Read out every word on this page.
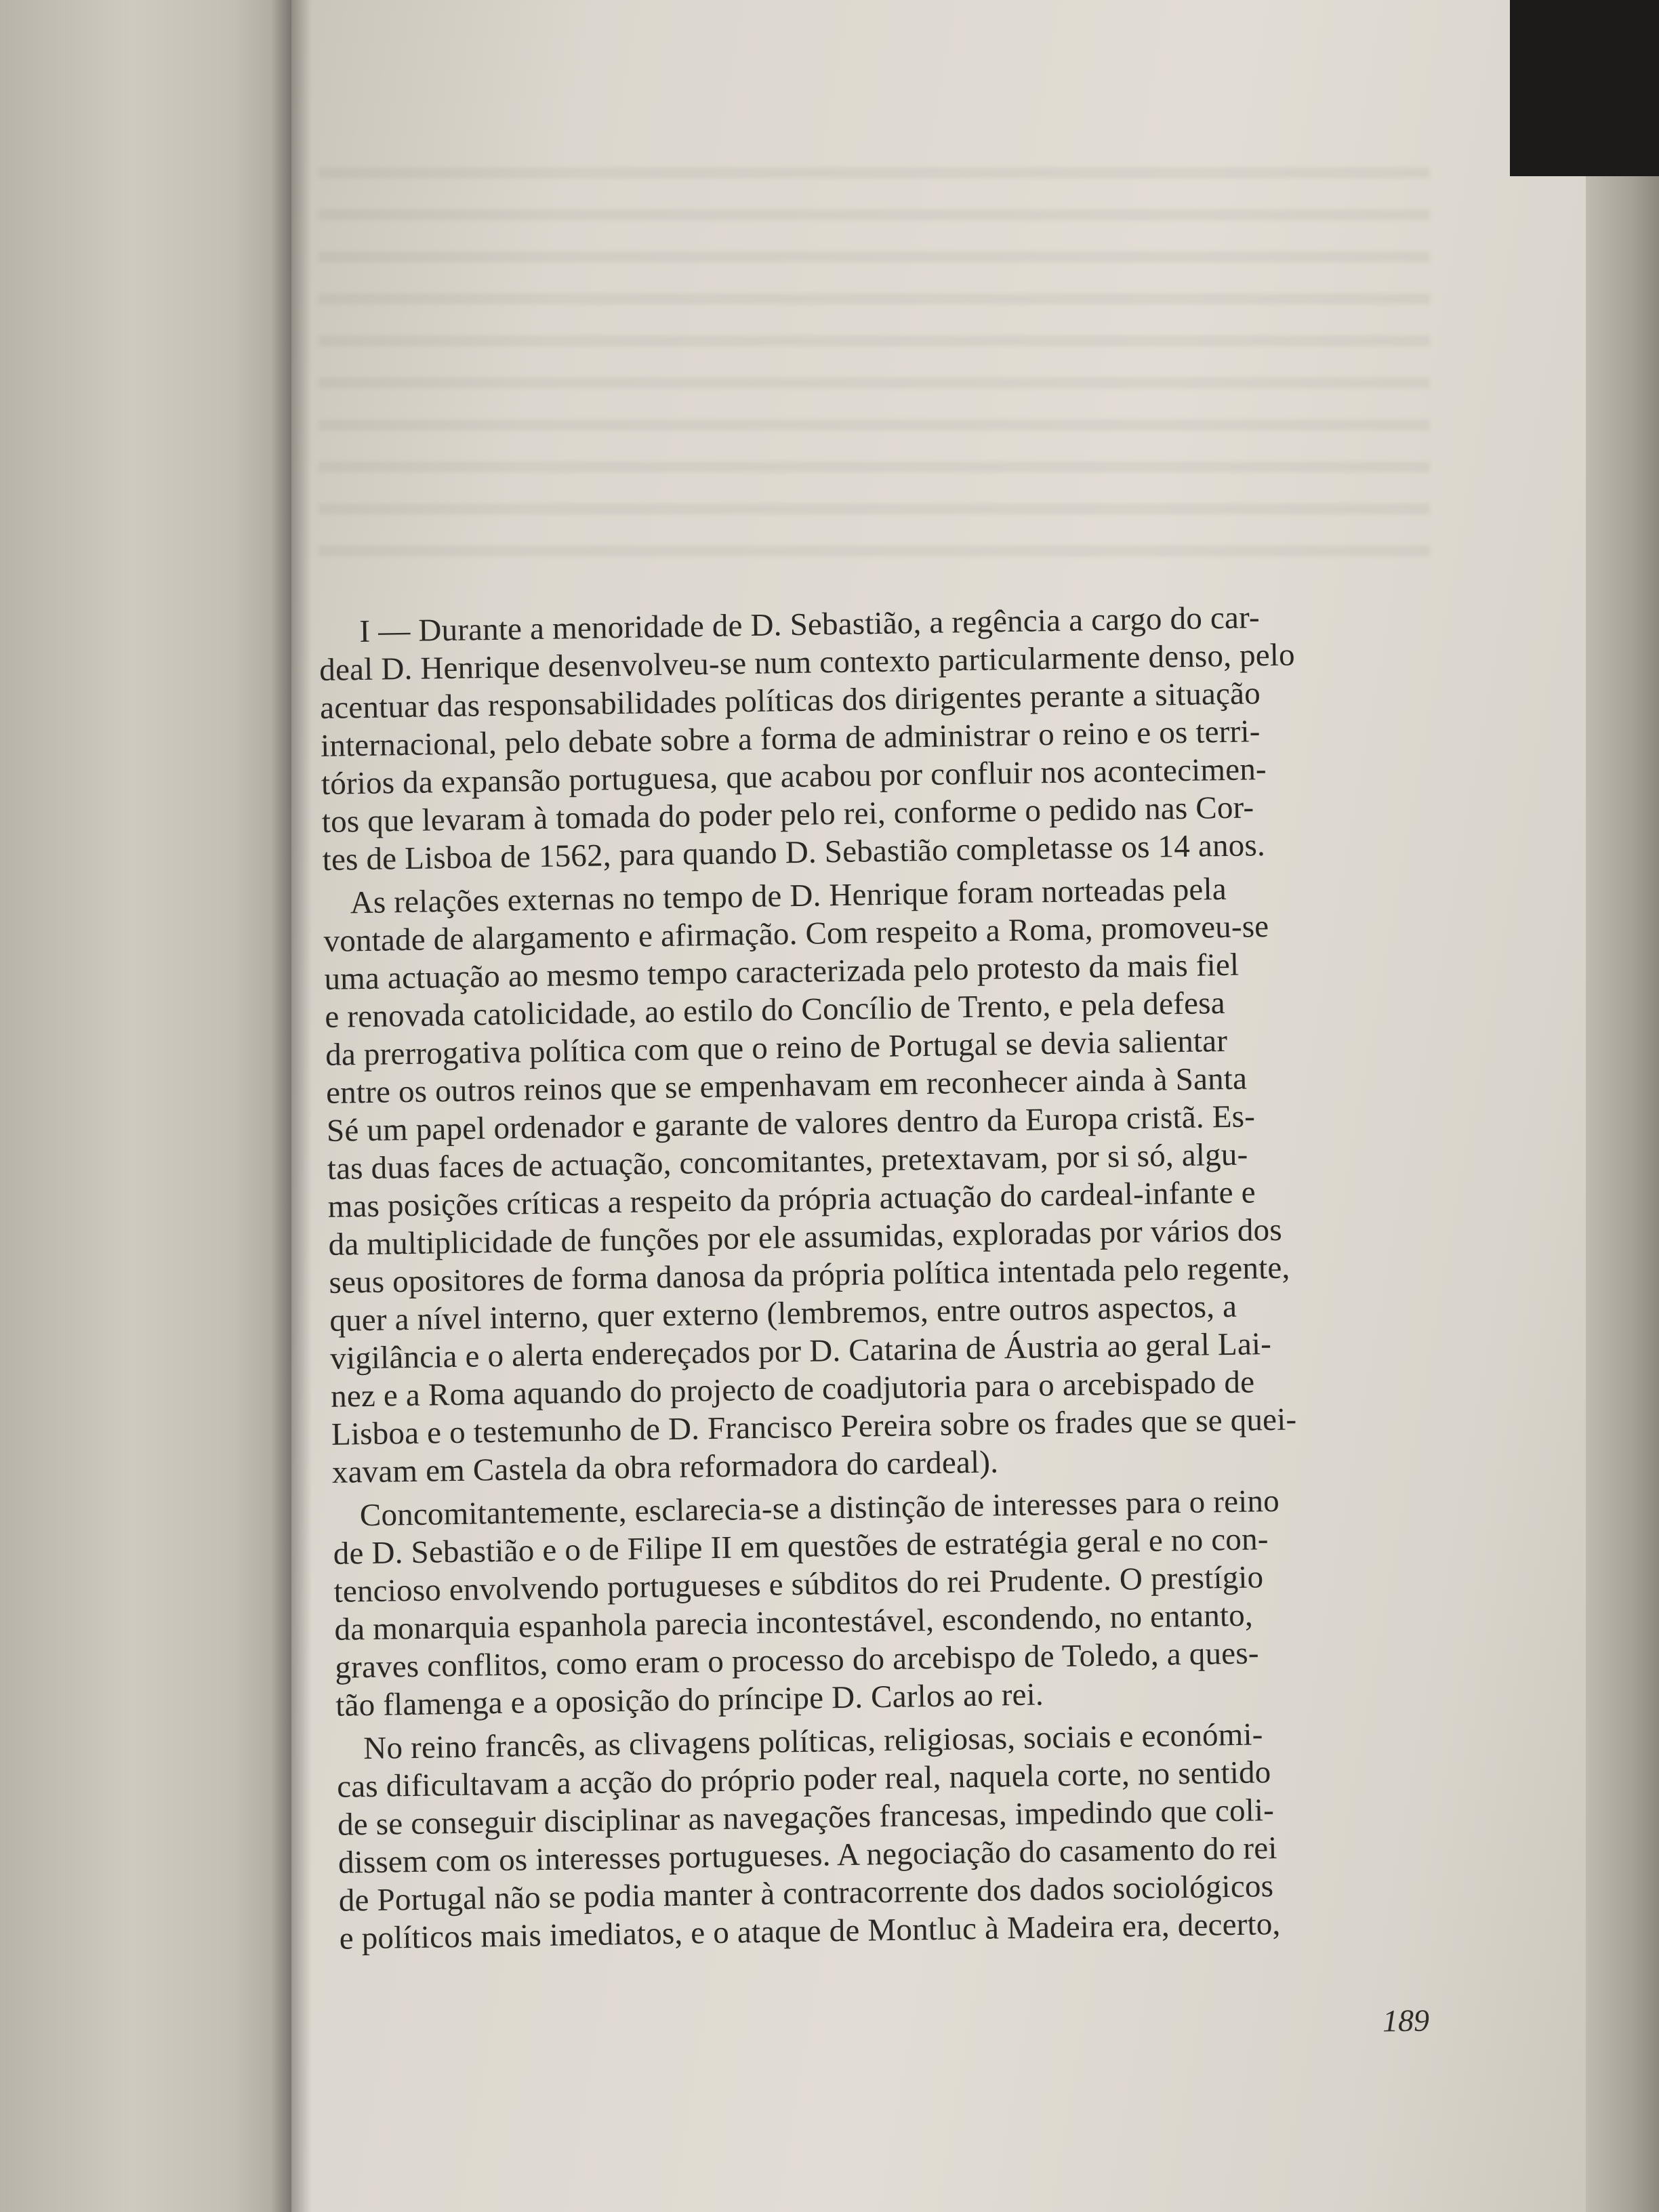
I — Durante a menoridade de D. Sebastião, a regência a cargo do car-
deal D. Henrique desenvolveu-se num contexto particularmente denso, pelo
acentuar das responsabilidades políticas dos dirigentes perante a situação
internacional, pelo debate sobre a forma de administrar o reino e os terri-
tórios da expansão portuguesa, que acabou por confluir nos acontecimen-
tos que levaram à tomada do poder pelo rei, conforme o pedido nas Cor-
tes de Lisboa de 1562, para quando D. Sebastião completasse os 14 anos.
As relações externas no tempo de D. Henrique foram norteadas pela
vontade de alargamento e afirmação. Com respeito a Roma, promoveu-se
uma actuação ao mesmo tempo caracterizada pelo protesto da mais fiel
e renovada catolicidade, ao estilo do Concílio de Trento, e pela defesa
da prerrogativa política com que o reino de Portugal se devia salientar
entre os outros reinos que se empenhavam em reconhecer ainda à Santa
Sé um papel ordenador e garante de valores dentro da Europa cristã. Es-
tas duas faces de actuação, concomitantes, pretextavam, por si só, algu-
mas posições críticas a respeito da própria actuação do cardeal-infante e
da multiplicidade de funções por ele assumidas, exploradas por vários dos
seus opositores de forma danosa da própria política intentada pelo regente,
quer a nível interno, quer externo (lembremos, entre outros aspectos, a
vigilância e o alerta endereçados por D. Catarina de Áustria ao geral Lai-
nez e a Roma aquando do projecto de coadjutoria para o arcebispado de
Lisboa e o testemunho de D. Francisco Pereira sobre os frades que se quei-
xavam em Castela da obra reformadora do cardeal).
Concomitantemente, esclarecia-se a distinção de interesses para o reino
de D. Sebastião e o de Filipe II em questões de estratégia geral e no con-
tencioso envolvendo portugueses e súbditos do rei Prudente. O prestígio
da monarquia espanhola parecia incontestável, escondendo, no entanto,
graves conflitos, como eram o processo do arcebispo de Toledo, a ques-
tão flamenga e a oposição do príncipe D. Carlos ao rei.
No reino francês, as clivagens políticas, religiosas, sociais e económi-
cas dificultavam a acção do próprio poder real, naquela corte, no sentido
de se conseguir disciplinar as navegações francesas, impedindo que coli-
dissem com os interesses portugueses. A negociação do casamento do rei
de Portugal não se podia manter à contracorrente dos dados sociológicos
e políticos mais imediatos, e o ataque de Montluc à Madeira era, decerto,
189
